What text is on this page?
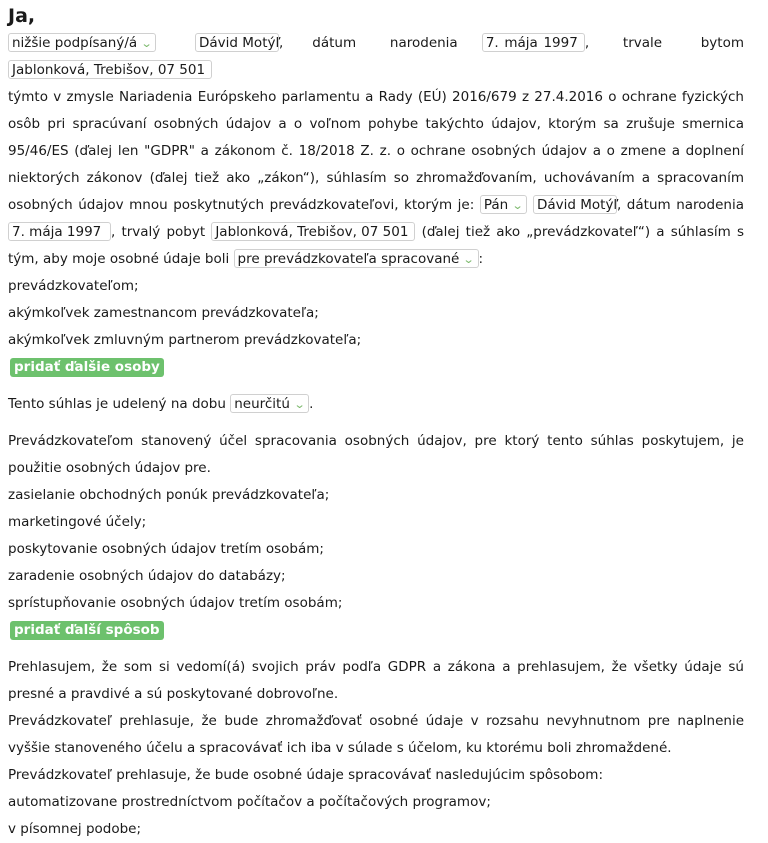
Ja,

nižšie podpísaný/á ⌄	Dávid Motýľ,      dátum	narodenia 7. mája 1997 ,       trvale	bytom Jablonková, Trebišov, 07 501

týmto v zmysle Nariadenia Európskeho parlamentu a Rady (EÚ) 2016/679 z 27.4.2016 o ochrane fyzických osôb pri spracúvaní osobných údajov a o voľnom pohybe takýchto údajov, ktorým sa zrušuje smernica 95/46/ES (ďalej len "GDPR" a zákonom č. 18/2018 Z. z. o ochrane osobných údajov a o zmene a doplnení niektorých zákonov (ďalej tiež ako „zákon“), súhlasím so zhromažďovaním, uchovávaním a spracovaním osobných údajov mnou poskytnutých prevádzkovateľovi, ktorým je: Pán ⌄ Dávid Motýľ, dátum narodenia 7. mája 1997 , trvalý pobyt Jablonková, Trebišov, 07 501 (ďalej tiež ako „prevádzkovateľ“) a súhlasím s tým, aby moje osobné údaje boli pre prevádzkovateľa spracované ⌄ :

prevádzkovateľom;
akýmkoľvek zamestnancom prevádzkovateľa;
akýmkoľvek zmluvným partnerom prevádzkovateľa;
pridať ďalšie osoby

Tento súhlas je udelený na dobu neurčitú ⌄ .

Prevádzkovateľom stanovený účel spracovania osobných údajov, pre ktorý tento súhlas poskytujem, je použitie osobných údajov pre.

zasielanie obchodných ponúk prevádzkovateľa;
marketingové účely;
poskytovanie osobných údajov tretím osobám;
zaradenie osobných údajov do databázy;
sprístupňovanie osobných údajov tretím osobám;
pridať ďalší spôsob

Prehlasujem, že som si vedomí(á) svojich práv podľa GDPR a zákona a prehlasujem, že všetky údaje sú presné a pravdivé a sú poskytované dobrovoľne.

Prevádzkovateľ prehlasuje, že bude zhromažďovať osobné údaje v rozsahu nevyhnutnom pre naplnenie vyššie stanoveného účelu a spracovávať ich iba v súlade s účelom, ku ktorému boli zhromaždené.

Prevádzkovateľ prehlasuje, že bude osobné údaje spracovávať nasledujúcim spôsobom:

automatizovane prostredníctvom počítačov a počítačových programov;
v písomnej podobe;
